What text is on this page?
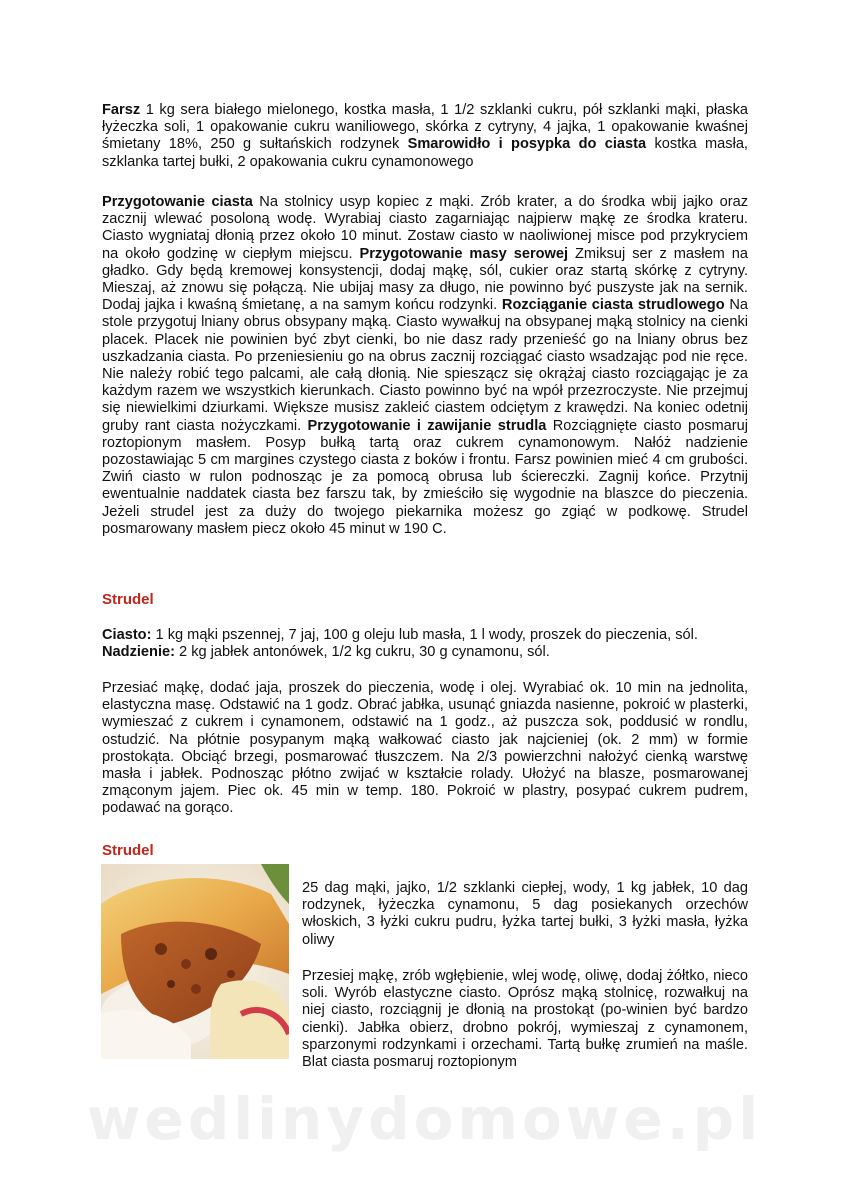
Farsz 1 kg sera białego mielonego, kostka masła, 1 1/2 szklanki cukru, pół szklanki mąki, płaska łyżeczka soli, 1 opakowanie cukru waniliowego, skórka z cytryny, 4 jajka, 1 opakowanie kwaśnej śmietany 18%, 250 g sułtańskich rodzynek Smarowidło i posypka do ciasta kostka masła, szklanka tartej bułki, 2 opakowania cukru cynamonowego

Przygotowanie ciasta Na stolnicy usyp kopiec z mąki. Zrób krater, a do środka wbij jajko oraz zacznij wlewać posoloną wodę. Wyrabiaj ciasto zagarniając najpierw mąkę ze środka krateru. Ciasto wygniataj dłonią przez około 10 minut. Zostaw ciasto w naoliwionej misce pod przykryciem na około godzinę w ciepłym miejscu. Przygotowanie masy serowej Zmiksuj ser z masłem na gładko. Gdy będą kremowej konsystencji, dodaj mąkę, sól, cukier oraz startą skórkę z cytryny. Mieszaj, aż znowu się połączą. Nie ubijaj masy za długo, nie powinno być puszyste jak na sernik. Dodaj jajka i kwaśną śmietanę, a na samym końcu rodzynki. Rozciąganie ciasta strudlowego Na stole przygotuj lniany obrus obsypany mąką. Ciasto wywałkuj na obsypanej mąką stolnicy na cienki placek. Placek nie powinien być zbyt cienki, bo nie dasz rady przenieść go na lniany obrus bez uszkadzania ciasta. Po przeniesieniu go na obrus zacznij rozciągać ciasto wsadzając pod nie ręce. Nie należy robić tego palcami, ale całą dłonią. Nie spieszącz się okrążaj ciasto rozciągając je za każdym razem we wszystkich kierunkach. Ciasto powinno być na wpół przezroczyste. Nie przejmuj się niewielkimi dziurkami. Większe musisz zakleić ciastem odciętym z krawędzi. Na koniec odetnij gruby rant ciasta nożyczkami. Przygotowanie i zawijanie strudla Rozciągnięte ciasto posmaruj roztopionym masłem. Posyp bułką tartą oraz cukrem cynamonowym. Nałóż nadzienie pozostawiając 5 cm margines czystego ciasta z boków i frontu. Farsz powinien mieć 4 cm grubości. Zwiń ciasto w rulon podnosząc je za pomocą obrusa lub ściereczki. Zagnij końce. Przytnij ewentualnie naddatek ciasta bez farszu tak, by zmieściło się wygodnie na blaszce do pieczenia. Jeżeli strudel jest za duży do twojego piekarnika możesz go zgiąć w podkowę. Strudel posmarowany masłem piecz około 45 minut w 190 C.

Strudel

Ciasto: 1 kg mąki pszennej, 7 jaj, 100 g oleju lub masła, 1 l wody, proszek do pieczenia, sól.

Nadzienie: 2 kg jabłek antonówek, 1/2 kg cukru, 30 g cynamonu, sól.

Przesiać mąkę, dodać jaja, proszek do pieczenia, wodę i olej. Wyrabiać ok. 10 min na jednolita, elastyczna masę. Odstawić na 1 godz. Obrać jabłka, usunąć gniazda nasienne, pokroić w plasterki, wymieszać z cukrem i cynamonem, odstawić na 1 godz., aż puszcza sok, poddusić w rondlu, ostudzić. Na płótnie posypanym mąką wałkować ciasto jak najcieniej (ok. 2 mm) w formie prostokąta. Obciąć brzegi, posmarować tłuszczem. Na 2/3 powierzchni nałożyć cienką warstwę masła i jabłek. Podnosząc płótno zwijać w kształcie rolady. Ułożyć na blasze, posmarowanej zmąconym jajem. Piec ok. 45 min w temp. 180. Pokroić w plastry, posypać cukrem pudrem, podawać na gorąco.

Strudel

25 dag mąki, jajko, 1/2 szklanki ciepłej, wody, 1 kg jabłek, 10 dag rodzynek, łyżeczka cynamonu, 5 dag posiekanych orzechów włoskich, 3 łyżki cukru pudru, łyżka tartej bułki, 3 łyżki masła, łyżka oliwy

Przesiej mąkę, zrób wgłębienie, wlej wodę, oliwę, dodaj żółtko, nieco soli. Wyrób elastyczne ciasto. Oprósz mąką stolnicę, rozwałkuj na niej ciasto, rozciągnij je dłonią na prostokąt (po-winien być bardzo cienki). Jabłka obierz, drobno pokrój, wymieszaj z cynamonem, sparzonymi rodzynkami i orzechami. Tartą bułkę zrumień na maśle. Blat ciasta posmaruj roztopionym

wedlinydomowe.pl
